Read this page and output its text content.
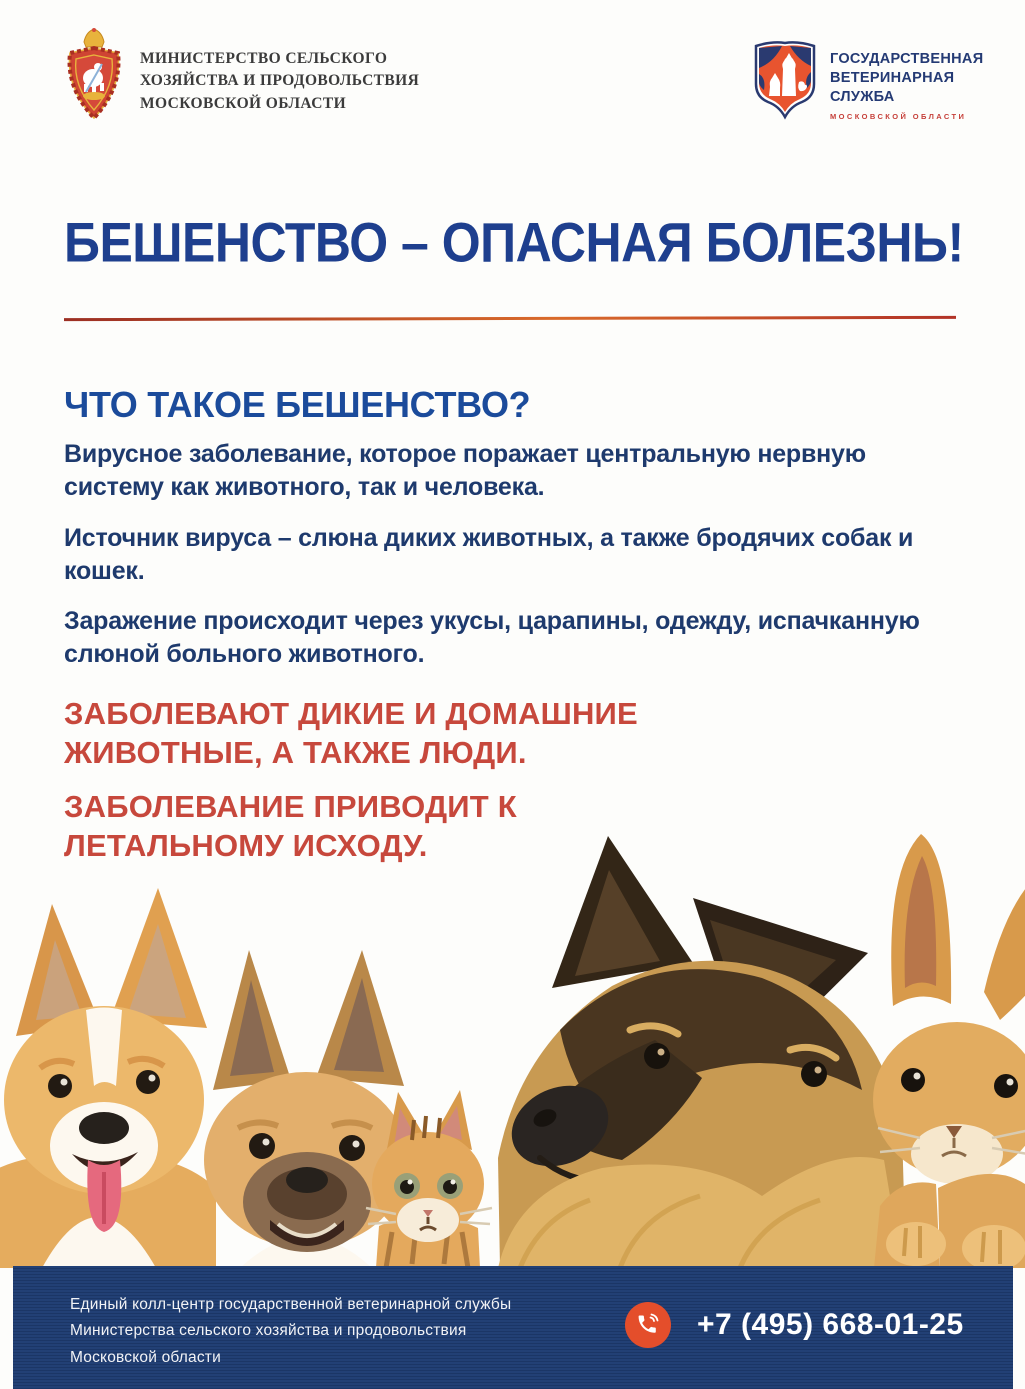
МИНИСТЕРСТВО СЕЛЬСКОГО
ХОЗЯЙСТВА И ПРОДОВОЛЬСТВИЯ
МОСКОВСКОЙ ОБЛАСТИ
ГОСУДАРСТВЕННАЯ
ВЕТЕРИНАРНАЯ
СЛУЖБА
МОСКОВСКОЙ ОБЛАСТИ
БЕШЕНСТВО – ОПАСНАЯ БОЛЕЗНЬ!
ЧТО ТАКОЕ БЕШЕНСТВО?

Вирусное заболевание, которое поражает центральную нервную систему как животного, так и человека.

Источник вируса – слюна диких животных, а также бродячих собак и кошек.

Заражение происходит через укусы, царапины, одежду, испачканную слюной больного животного.

ЗАБОЛЕВАЮТ ДИКИЕ И ДОМАШНИЕ ЖИВОТНЫЕ, А ТАКЖЕ ЛЮДИ.

ЗАБОЛЕВАНИЕ ПРИВОДИТ К ЛЕТАЛЬНОМУ ИСХОДУ.

Единый колл-центр государственной ветеринарной службы
Министерства сельского хозяйства и продовольствия
Московской области
+7 (495) 668-01-25
